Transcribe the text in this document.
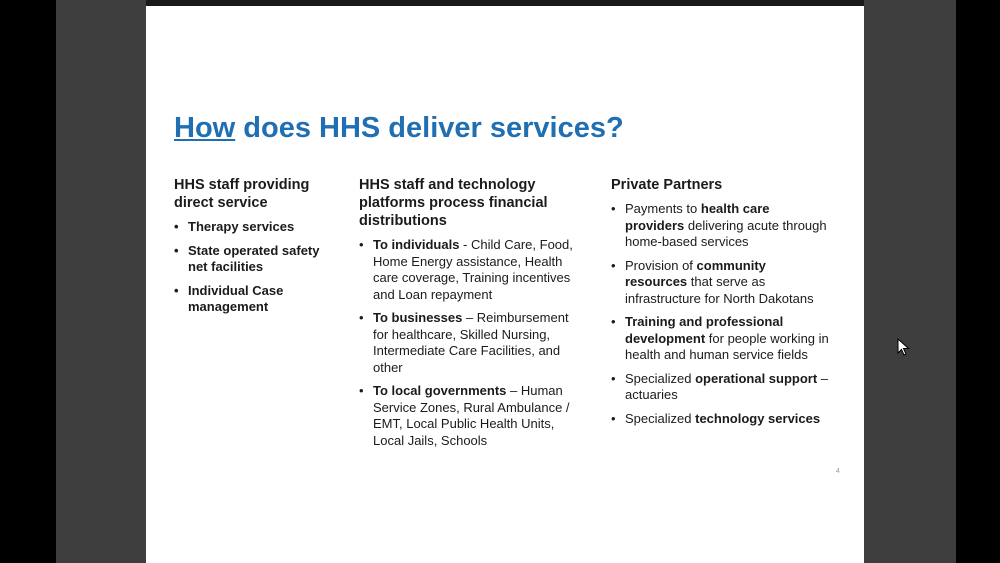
How does HHS deliver services?
HHS staff providing direct service
• Therapy services
• State operated safety net facilities
• Individual Case management
HHS staff and technology platforms process financial distributions
• To individuals - Child Care, Food, Home Energy assistance, Health care coverage, Training incentives and Loan repayment
• To businesses – Reimbursement for healthcare, Skilled Nursing, Intermediate Care Facilities, and other
• To local governments – Human Service Zones, Rural Ambulance / EMT, Local Public Health Units, Local Jails, Schools
Private Partners
• Payments to health care providers delivering acute through home-based services
• Provision of community resources that serve as infrastructure for North Dakotans
• Training and professional development for people working in health and human service fields
• Specialized operational support – actuaries
• Specialized technology services
4
